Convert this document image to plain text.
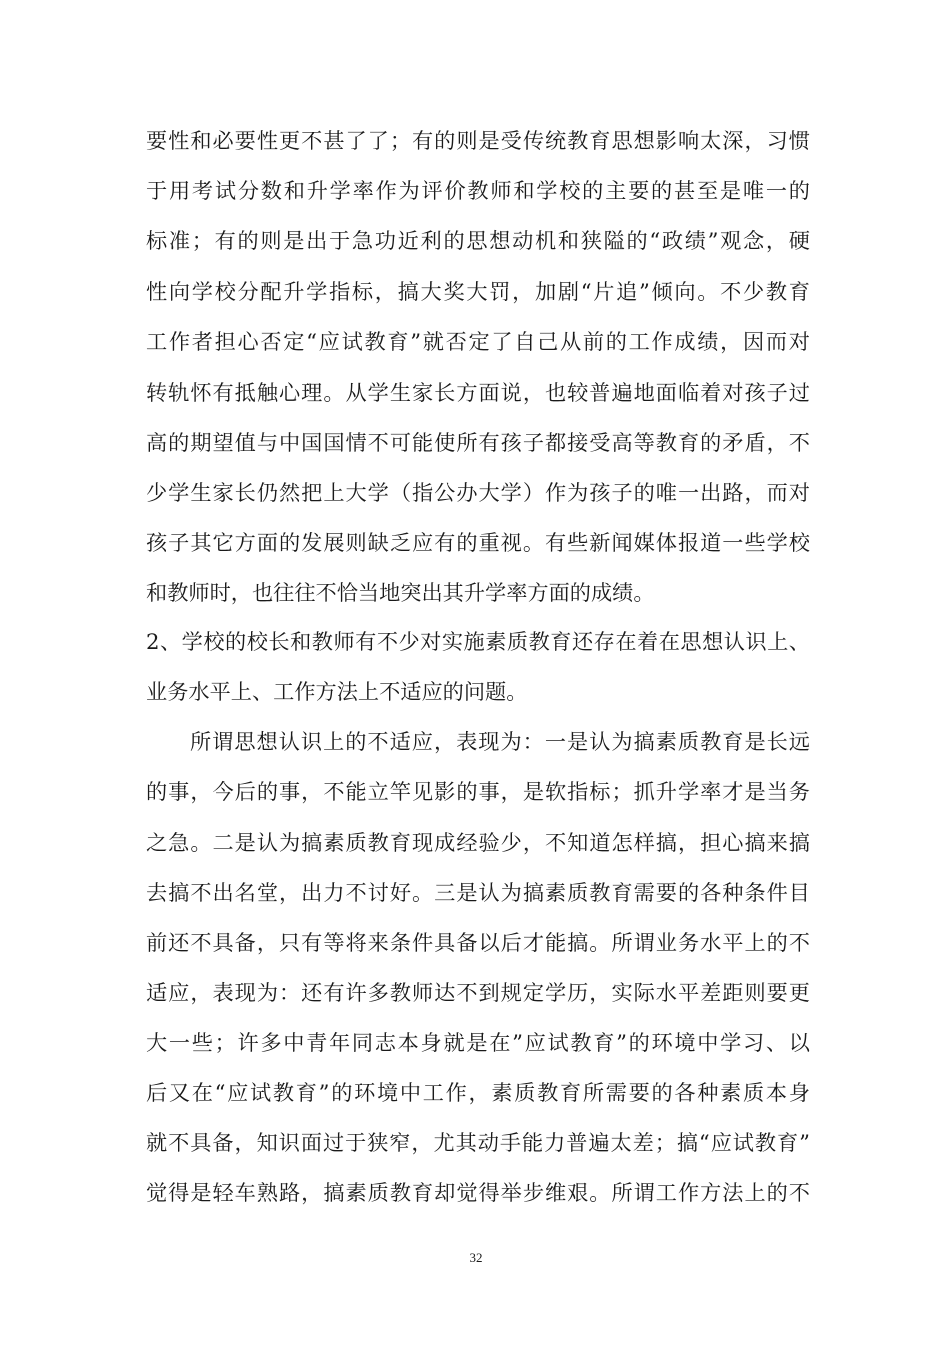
要性和必要性更不甚了了；有的则是受传统教育思想影响太深，习惯
于用考试分数和升学率作为评价教师和学校的主要的甚至是唯一的
标准；有的则是出于急功近利的思想动机和狭隘的“政绩”观念，硬
性向学校分配升学指标，搞大奖大罚，加剧“片追”倾向。不少教育
工作者担心否定“应试教育”就否定了自己从前的工作成绩，因而对
转轨怀有抵触心理。从学生家长方面说，也较普遍地面临着对孩子过
高的期望值与中国国情不可能使所有孩子都接受高等教育的矛盾，不
少学生家长仍然把上大学（指公办大学）作为孩子的唯一出路，而对
孩子其它方面的发展则缺乏应有的重视。有些新闻媒体报道一些学校
和教师时，也往往不恰当地突出其升学率方面的成绩。
2、学校的校长和教师有不少对实施素质教育还存在着在思想认识上、
业务水平上、工作方法上不适应的问题。
所谓思想认识上的不适应，表现为：一是认为搞素质教育是长远
的事，今后的事，不能立竿见影的事，是软指标；抓升学率才是当务
之急。二是认为搞素质教育现成经验少，不知道怎样搞，担心搞来搞
去搞不出名堂，出力不讨好。三是认为搞素质教育需要的各种条件目
前还不具备，只有等将来条件具备以后才能搞。所谓业务水平上的不
适应，表现为：还有许多教师达不到规定学历，实际水平差距则要更
大一些；许多中青年同志本身就是在”应试教育”的环境中学习、以
后又在“应试教育”的环境中工作，素质教育所需要的各种素质本身
就不具备，知识面过于狭窄，尤其动手能力普遍太差；搞“应试教育”
觉得是轻车熟路，搞素质教育却觉得举步维艰。所谓工作方法上的不
32
